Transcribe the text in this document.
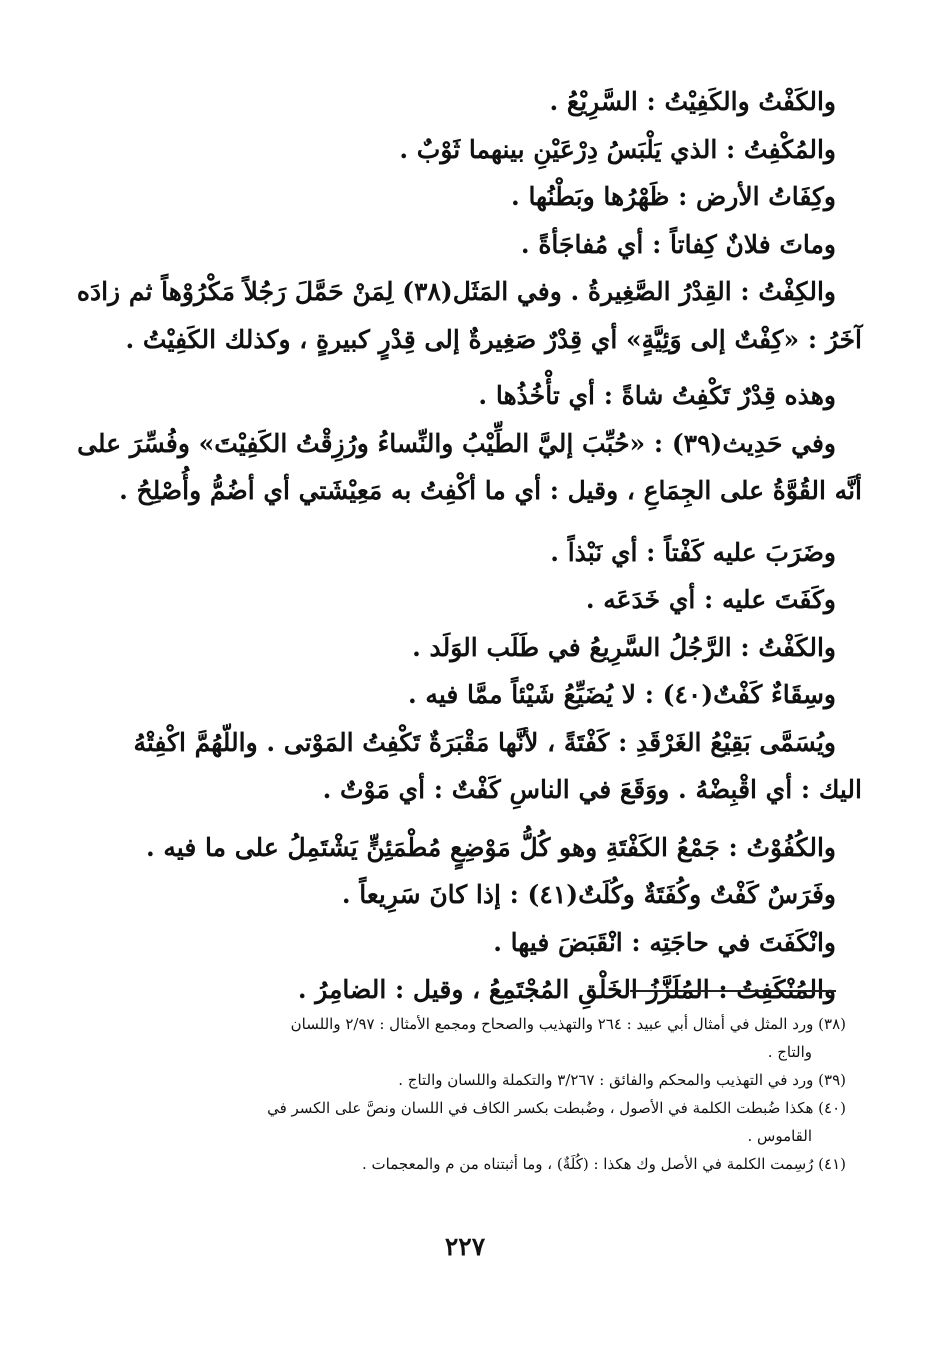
والكَفْتُ والكَفِيْتُ : السَّرِيْعُ .

والمُكْفِتُ : الذي يَلْبَسُ دِرْعَيْنِ بينهما ثَوْبٌ .

وكِفَاتُ الأرض : ظَهْرُها وبَطْنُها .

وماتَ فلانٌ كِفاتاً : أي مُفاجَأةً .

والكِفْتُ : القِدْرُ الصَّغِيرةُ . وفي المَثَل(٣٨) لِمَنْ حَمَّلَ رَجُلاً مَكْرُوْهاً ثم زادَه

آخَرُ : «كِفْتٌ إلى وَئِيَّةٍ» أي قِدْرٌ صَغِيرةٌ إلى قِدْرٍ كبيرةٍ ، وكذلك الكَفِيْتُ .

وهذه قِدْرٌ تَكْفِتُ شاةً : أي تأْخُذُها .

وفي حَدِيث(٣٩) : «حُبِّبَ إليَّ الطِّيْبُ والنِّساءُ ورُزِقْتُ الكَفِيْتَ» وفُسِّرَ على

أنَّه القُوَّةُ على الجِمَاعِ ، وقيل : أي ما أكْفِتُ به مَعِيْشَتي أي أضُمُّ وأُصْلِحُ .

وضَرَبَ عليه كَفْتاً : أي نَبْذاً .

وكَفَتَ عليه : أي خَدَعَه .

والكَفْتُ : الرَّجُلُ السَّرِيعُ في طَلَب الوَلَد .

وسِقَاءٌ كَفْتٌ(٤٠) : لا يُضَيِّعُ شَيْئاً ممَّا فيه .

ويُسَمَّى بَقِيْعُ الغَرْقَدِ : كَفْتَةً ، لأنَّها مَقْبَرَةٌ تَكْفِتُ المَوْتى . واللّهُمَّ اكْفِتْهُ

اليك : أي اقْبِضْهُ . ووَقَعَ في الناسِ كَفْتٌ : أي مَوْتٌ .

والكُفُوْتُ : جَمْعُ الكَفْتَةِ وهو كُلُّ مَوْضِعٍ مُطْمَئِنٍّ يَشْتَمِلُ على ما فيه .

وفَرَسٌ كَفْتٌ وكُفَتَةٌ وكُلَتٌ(٤١) : إذا كانَ سَرِيعاً .

وانْكَفَتَ في حاجَتِه : انْقَبَضَ فيها .

والمُنْكَفِتُ : المُلَزَّزُ الخَلْقِ المُجْتَمِعُ ، وقيل : الضامِرُ .

(٣٨) ورد المثل في أمثال أبي عبيد : ٢٦٤ والتهذيب والصحاح ومجمع الأمثال : ٢/٩٧ واللسان

والتاج .

(٣٩) ورد في التهذيب والمحكم والفائق : ٣/٢٦٧ والتكملة واللسان والتاج .

(٤٠) هكذا ضُبطت الكلمة في الأصول ، وضُبطت بكسر الكاف في اللسان ونصَّ على الكسر في

القاموس .

(٤١) رُسِمت الكلمة في الأصل وك هكذا : (كُلَةٌ) ، وما أثبتناه من م والمعجمات .

٢٢٧
